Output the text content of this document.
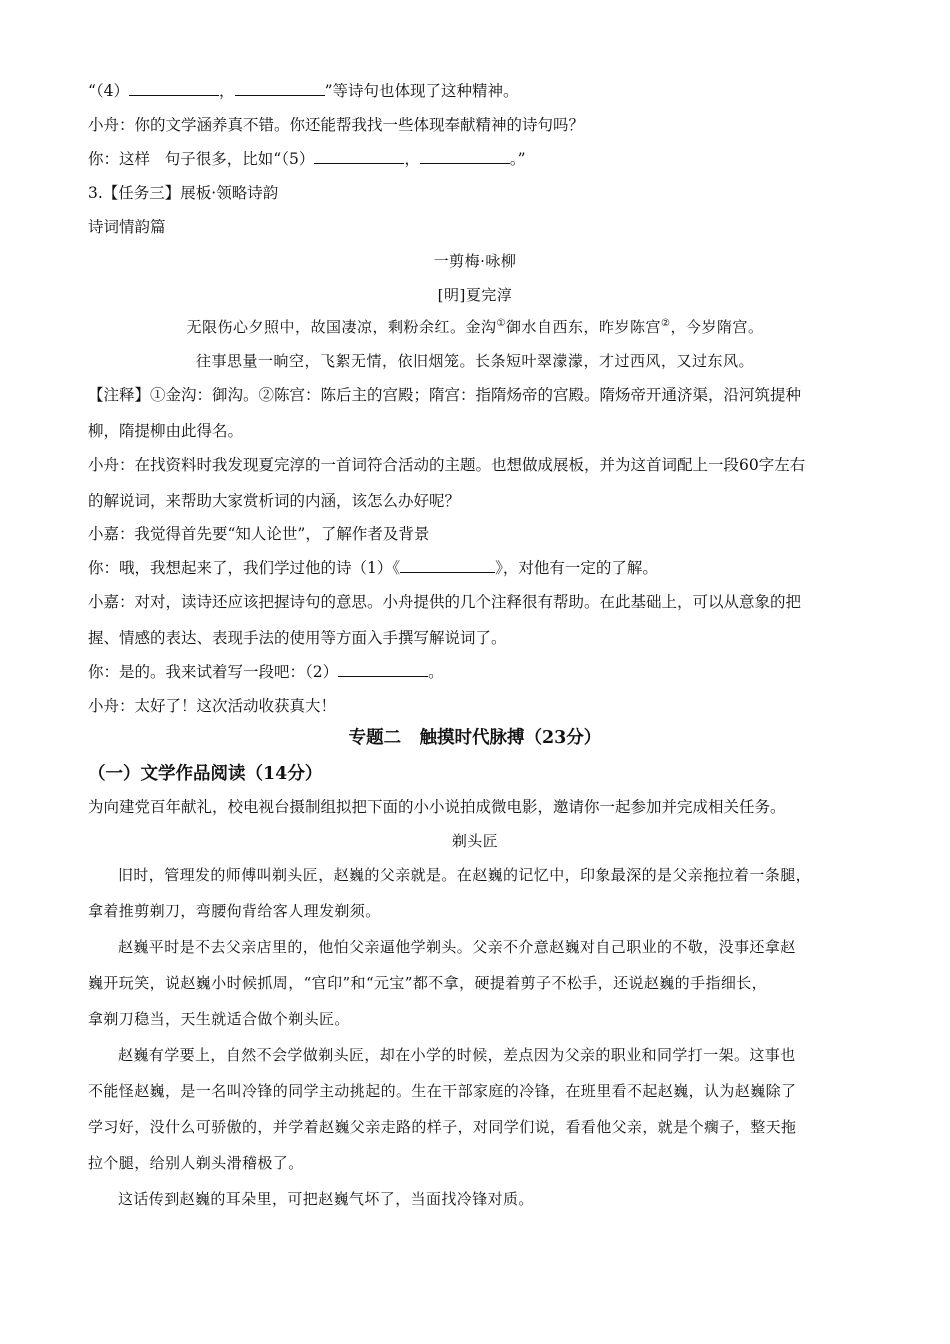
“（4）	，	”等诗句也体现了这种精神。
小舟：你的文学涵养真不错。你还能帮我找一些体现奉献精神的诗句吗？
你：这样   句子很多，比如“（5）	，	。”
3.【任务三】展板·领略诗韵
诗词情韵篇
一剪梅·咏柳
[明]夏完淳
无限伤心夕照中，故国凄凉，剩粉余红。金沟①御水自西东，昨岁陈宫②，今岁隋宫。
往事思量一晌空，飞絮无情，依旧烟笼。长条短叶翠濛濛，才过西风，又过东风。
【注释】①金沟：御沟。②陈宫：陈后主的宫殿；隋宫：指隋炀帝的宫殿。隋炀帝开通济渠，沿河筑提种
柳，隋提柳由此得名。
小舟：在找资料时我发现夏完淳的一首词符合活动的主题。也想做成展板，并为这首词配上一段60字左右
的解说词，来帮助大家赏析词的内涵，该怎么办好呢？
小嘉：我觉得首先要“知人论世”，了解作者及背景
你：哦，我想起来了，我们学过他的诗（1）《	》，对他有一定的了解。
小嘉：对对，读诗还应该把握诗句的意思。小舟提供的几个注释很有帮助。在此基础上，可以从意象的把
握、情感的表达、表现手法的使用等方面入手撰写解说词了。
你：是的。我来试着写一段吧：（2）	。
小舟：太好了！这次活动收获真大！
专题二   触摸时代脉搏（23分）
（一）文学作品阅读（14分）
为向建党百年献礼，校电视台摄制组拟把下面的小小说拍成微电影，邀请你一起参加并完成相关任务。
剃头匠
旧时，管理发的师傅叫剃头匠，赵巍的父亲就是。在赵巍的记忆中，印象最深的是父亲拖拉着一条腿，
拿着推剪剃刀，弯腰佝背给客人理发剃须。
赵巍平时是不去父亲店里的，他怕父亲逼他学剃头。父亲不介意赵巍对自己职业的不敬，没事还拿赵
巍开玩笑，说赵巍小时候抓周，“官印”和“元宝”都不拿，硬提着剪子不松手，还说赵巍的手指细长，
拿剃刀稳当，天生就适合做个剃头匠。
赵巍有学要上，自然不会学做剃头匠，却在小学的时候，差点因为父亲的职业和同学打一架。这事也
不能怪赵巍，是一名叫冷锋的同学主动挑起的。生在干部家庭的冷锋，在班里看不起赵巍，认为赵巍除了
学习好，没什么可骄傲的，并学着赵巍父亲走路的样子，对同学们说，看看他父亲，就是个瘸子，整天拖
拉个腿，给别人剃头滑稽极了。
这话传到赵巍的耳朵里，可把赵巍气坏了，当面找冷锋对质。
